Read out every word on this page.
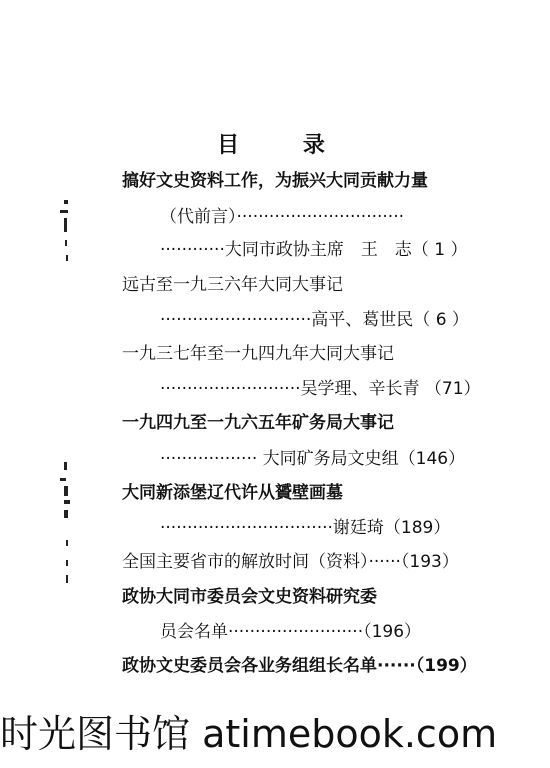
目 录
搞好文史资料工作，为振兴大同贡献力量
（代前言）·······························
············大同市政协主席　王　志（ 1 ）
远古至一九三六年大同大事记
····························高平、葛世民（ 6 ）
一九三七年至一九四九年大同大事记
··························吴学理、辛长青 （71）
一九四九至一九六五年矿务局大事记
·················· 大同矿务局文史组（146）
大同新添堡辽代许从贇壁画墓
································谢廷琦（189）
全国主要省市的解放时间（资料）······（193）
政协大同市委员会文史资料研究委
员会名单·························（196）
政协文史委员会各业务组组长名单······（199）
时光图书馆 atimebook.com
